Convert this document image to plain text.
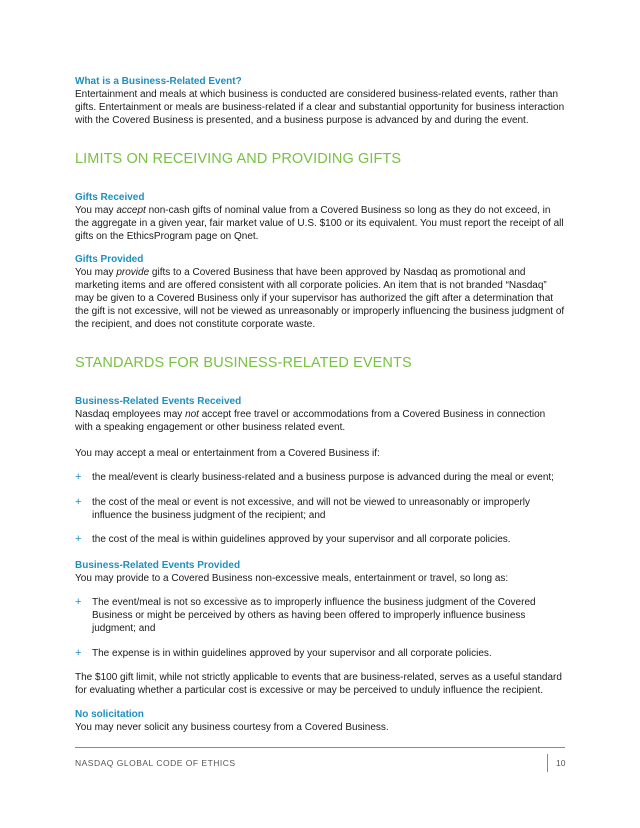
What is a Business-Related Event?

Entertainment and meals at which business is conducted are considered business-related events, rather than gifts. Entertainment or meals are business-related if a clear and substantial opportunity for business interaction with the Covered Business is presented, and a business purpose is advanced by and during the event.

LIMITS ON RECEIVING AND PROVIDING GIFTS

Gifts Received

You may accept non-cash gifts of nominal value from a Covered Business so long as they do not exceed, in the aggregate in a given year, fair market value of U.S. $100 or its equivalent. You must report the receipt of all gifts on the EthicsProgram page on Qnet.

Gifts Provided

You may provide gifts to a Covered Business that have been approved by Nasdaq as promotional and marketing items and are offered consistent with all corporate policies. An item that is not branded “Nasdaq” may be given to a Covered Business only if your supervisor has authorized the gift after a determination that the gift is not excessive, will not be viewed as unreasonably or improperly influencing the business judgment of the recipient, and does not constitute corporate waste.

STANDARDS FOR BUSINESS-RELATED EVENTS

Business-Related Events Received

Nasdaq employees may not accept free travel or accommodations from a Covered Business in connection with a speaking engagement or other business related event.

You may accept a meal or entertainment from a Covered Business if:

+ the meal/event is clearly business-related and a business purpose is advanced during the meal or event;
+ the cost of the meal or event is not excessive, and will not be viewed to unreasonably or improperly influence the business judgment of the recipient; and
+ the cost of the meal is within guidelines approved by your supervisor and all corporate policies.

Business-Related Events Provided

You may provide to a Covered Business non-excessive meals, entertainment or travel, so long as:

+ The event/meal is not so excessive as to improperly influence the business judgment of the Covered Business or might be perceived by others as having been offered to improperly influence business judgment; and
+ The expense is in within guidelines approved by your supervisor and all corporate policies.

The $100 gift limit, while not strictly applicable to events that are business-related, serves as a useful standard for evaluating whether a particular cost is excessive or may be perceived to unduly influence the recipient.

No solicitation

You may never solicit any business courtesy from a Covered Business.

NASDAQ GLOBAL CODE OF ETHICS	10
